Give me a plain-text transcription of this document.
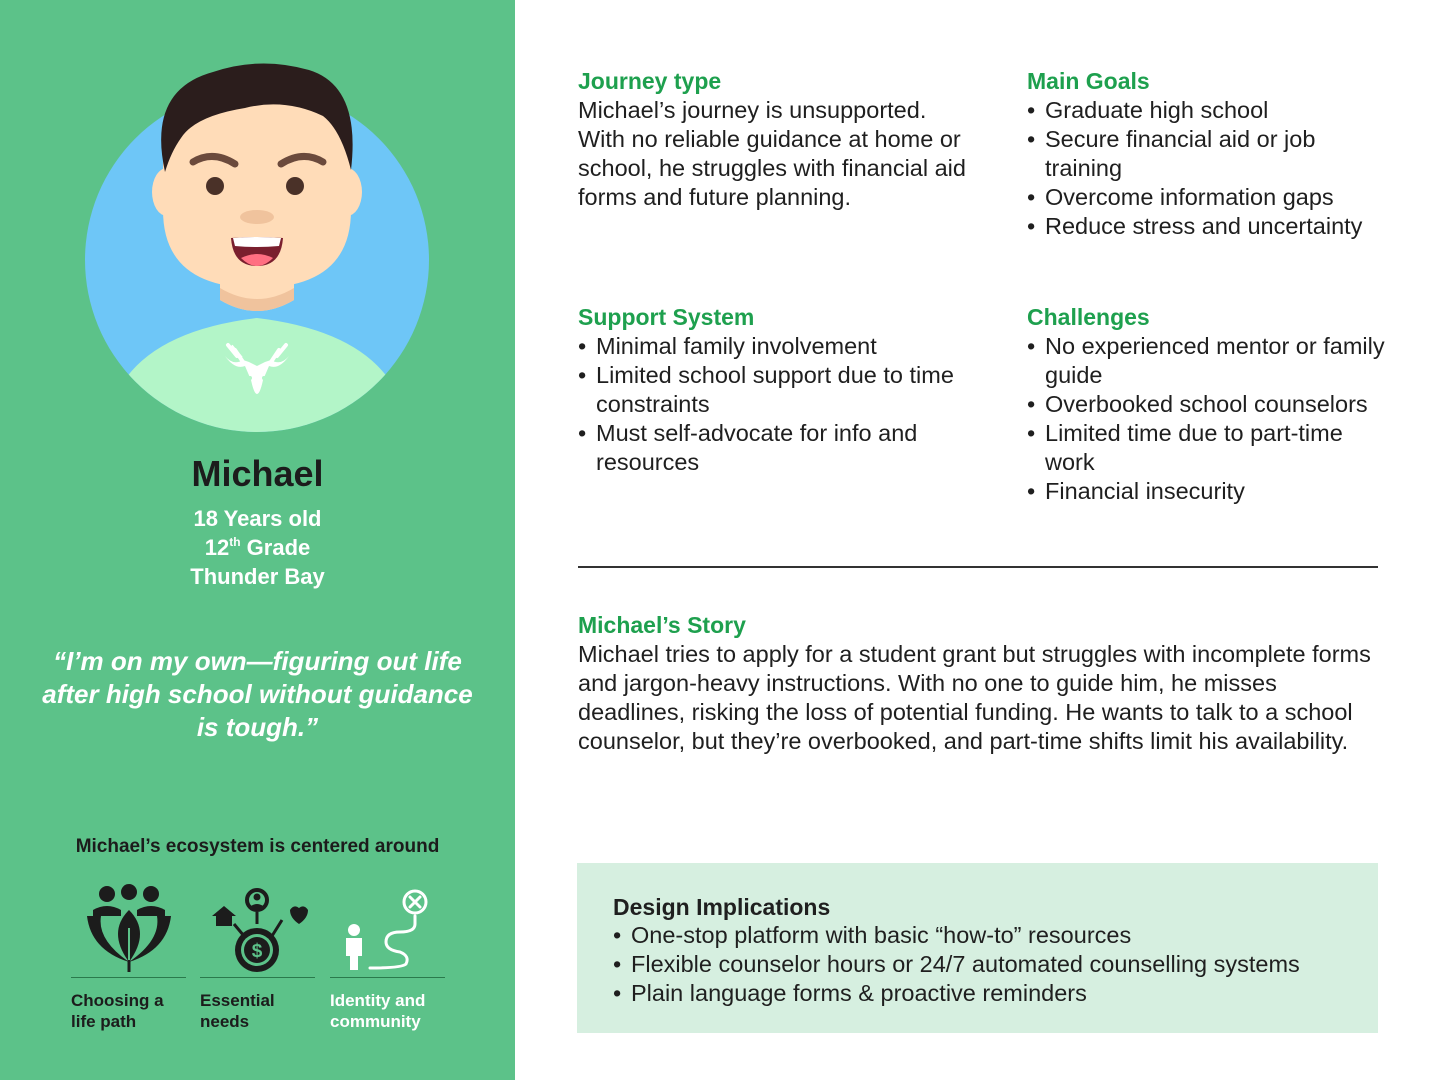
Michael
18 Years old
12th Grade
Thunder Bay
“I’m on my own—figuring out life after high school without guidance is tough.”
Michael’s ecosystem is centered around
Choosing a life path
$
Essential needs
Identity and community
Journey type
Michael’s journey is unsupported. With no reliable guidance at home or school, he struggles with financial aid forms and future planning.
Main Goals
• Graduate high school
• Secure financial aid or job training
• Overcome information gaps
• Reduce stress and uncertainty
Support System
• Minimal family involvement
• Limited school support due to time constraints
• Must self-advocate for info and resources
Challenges
• No experienced mentor or family guide
• Overbooked school counselors
• Limited time due to part-time work
• Financial insecurity
Michael’s Story
Michael tries to apply for a student grant but struggles with incomplete forms and jargon-heavy instructions. With no one to guide him, he misses deadlines, risking the loss of potential funding. He wants to talk to a school counselor, but they’re overbooked, and part-time shifts limit his availability.
Design Implications
• One-stop platform with basic “how-to” resources
• Flexible counselor hours or 24/7 automated counselling systems
• Plain language forms & proactive reminders
